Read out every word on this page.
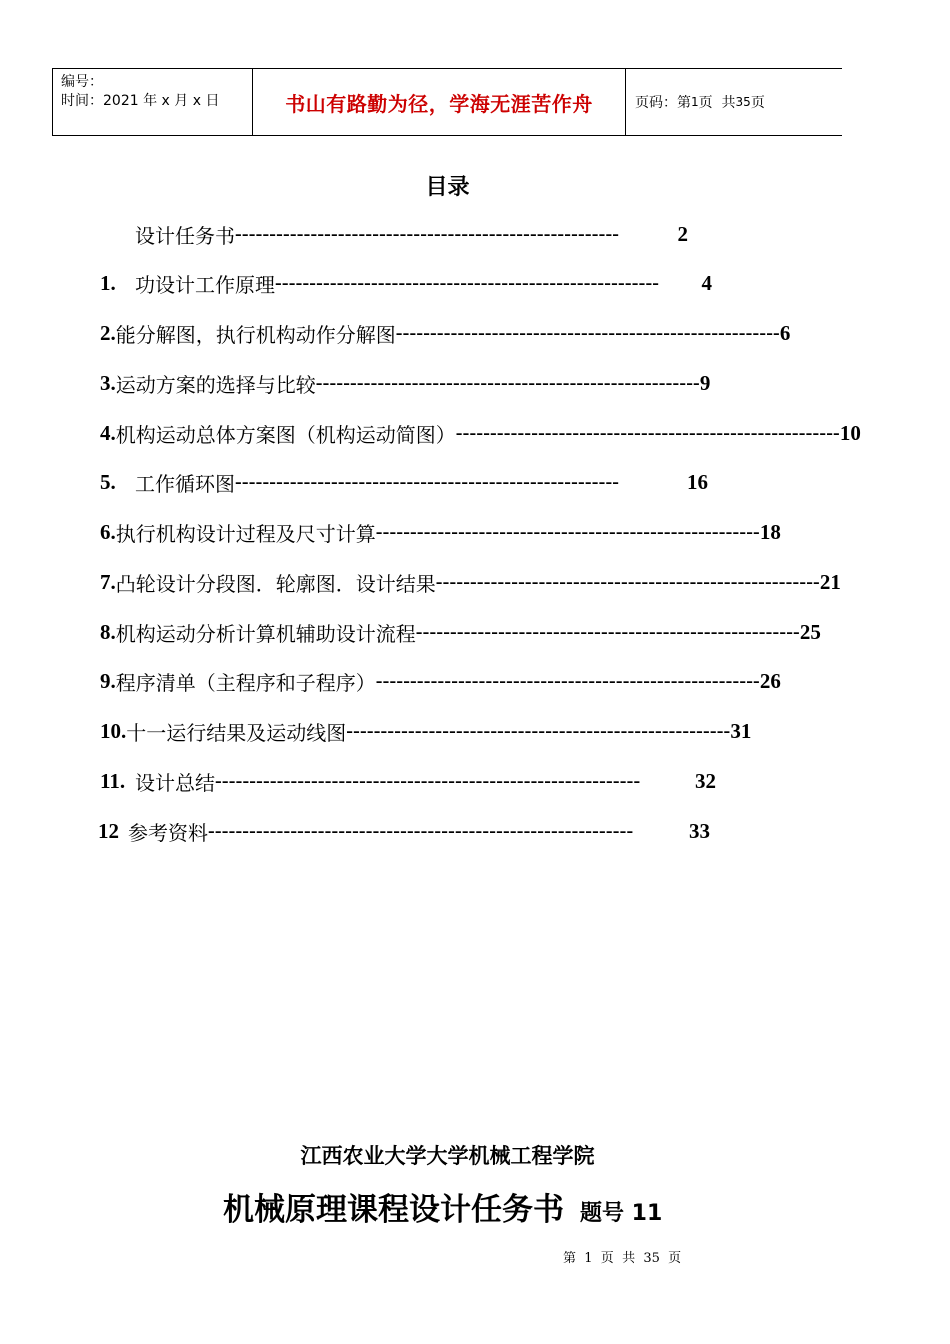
编号：
时间：2021 年 x 月 x 日	书山有路勤为径，学海无涯苦作舟	页码：第 1 页  共 35 页
目录
设计任务书 --------------------------------------------------------	2
1. 功设计工作原理 --------------------------------------------------------	4
2. 能分解图，执行机构动作分解图 -------------------------------------------------------- 6
3. 运动方案的选择与比较 -------------------------------------------------------- 9
4. 机构运动总体方案图（机构运动简图） -------------------------------------------------------- 10
5. 工作循环图 --------------------------------------------------------	16
6. 执行机构设计过程及尺寸计算 -------------------------------------------------------- 18
7. 凸轮设计分段图．轮廓图．设计结果 -------------------------------------------------------- 21
8. 机构运动分析计算机辅助设计流程 -------------------------------------------------------- 25
9. 程序清单（主程序和子程序） -------------------------------------------------------- 26
10. 十一运行结果及运动线图 -------------------------------------------------------- 31
11. 设计总结 --------------------------------------------------------------	32
12 参考资料 --------------------------------------------------------------	33
江西农业大学大学机械工程学院
机械原理课程设计任务书 题号 11
第  1  页  共  35  页
